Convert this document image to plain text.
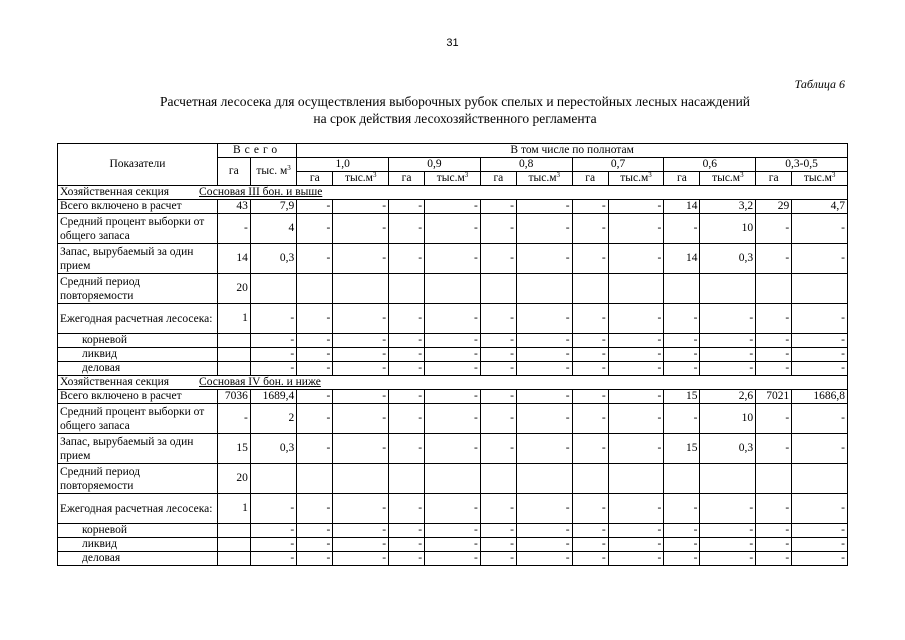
31
Таблица 6
Расчетная лесосека для осуществления выборочных рубок спелых и перестойных лесных насаждений
на срок действия лесохозяйственного регламента
Показатели	Всего		В том числе по полнотам											
	га	тыс. $м^3$	1,0		0,9		0,8		0,7		0,6		0,3-0,5	
			га	$тыс.м^3$	га	$тыс.м^3$	га	$тыс.м^3$	га	$тыс.м^3$	га	$тыс.м^3$	га	$тыс.м^3$
Хозяйственная секция Сосновая III бон. и выше														
Всего включено в расчет	43	7,9	-	-	-	-	-	-	-	-	14	3,2	29	4,7
Средний процент выборки от общего запаса	-	4	-	-	-	-	-	-	-	-	-	10	-	-
Запас, вырубаемый за один прием	14	0,3	-	-	-	-	-	-	-	-	14	0,3	-	-
Средний период повторяемости	20													
Ежегодная расчетная лесосека:	1	-	-	-	-	-	-	-	-	-	-	-	-	-
корневой		-	-	-	-	-	-	-	-	-	-	-	-	-
ликвид		-	-	-	-	-	-	-	-	-	-	-	-	-
деловая		-	-	-	-	-	-	-	-	-	-	-	-	-
Хозяйственная секция Сосновая IV бон. и ниже														
Всего включено в расчет	7036	1689,4	-	-	-	-	-	-	-	-	15	2,6	7021	1686,8
Средний процент выборки от общего запаса	-	2	-	-	-	-	-	-	-	-	-	10	-	-
Запас, вырубаемый за один прием	15	0,3	-	-	-	-	-	-	-	-	15	0,3	-	-
Средний период повторяемости	20													
Ежегодная расчетная лесосека:	1	-	-	-	-	-	-	-	-	-	-	-	-	-
корневой		-	-	-	-	-	-	-	-	-	-	-	-	-
ликвид		-	-	-	-	-	-	-	-	-	-	-	-	-
деловая		-	-	-	-	-	-	-	-	-	-	-	-	-
